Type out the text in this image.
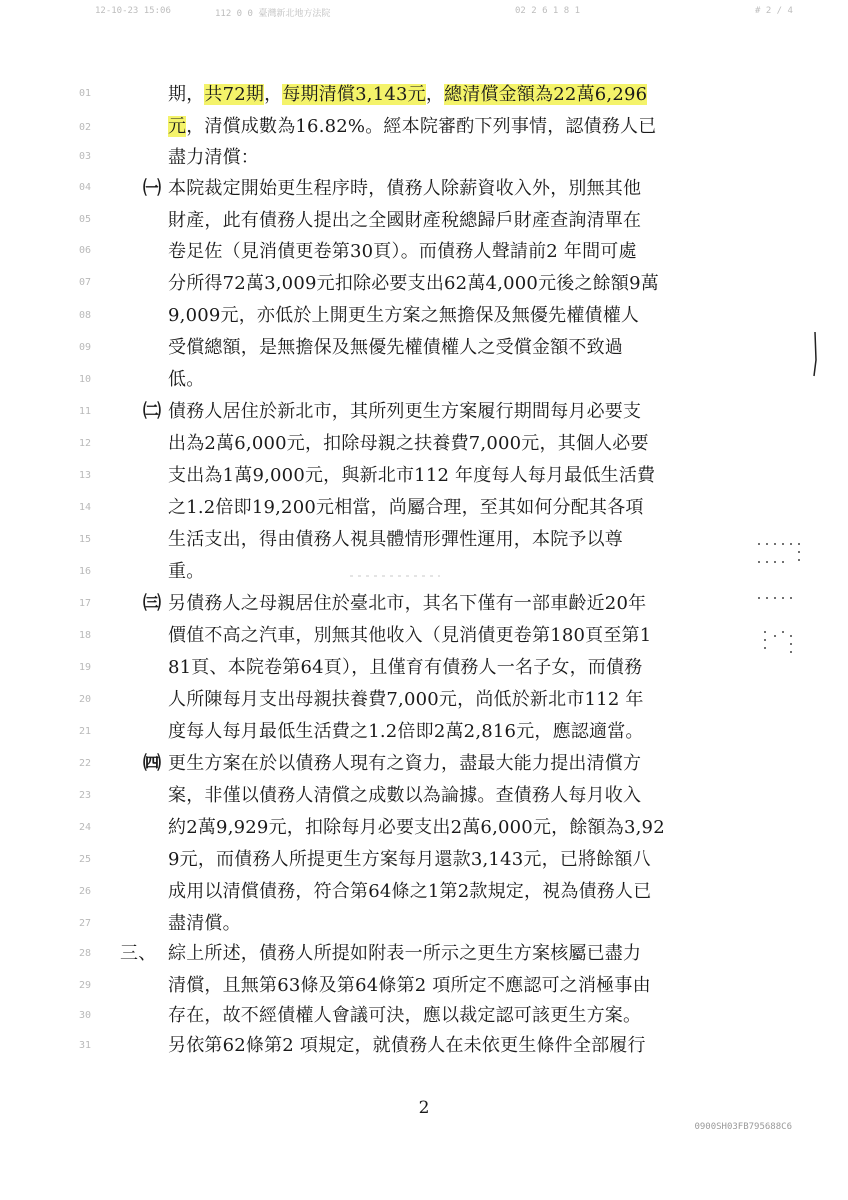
12-10-23 15:06	112 0 0 臺灣新北地方法院	02 2 6 1 8 1	# 2 / 4
01
02
03
04
05
06
07
08
09
10
11
12
13
14
15
16
17
18
19
20
21
22
23
24
25
26
27
28
29
30
31
期，共72期，每期清償3,143元，總清償金額為22萬6,296
元，清償成數為16.82%。經本院審酌下列事情，認債務人已
盡力清償：
㈠ 本院裁定開始更生程序時，債務人除薪資收入外，別無其他
財產，此有債務人提出之全國財產稅總歸戶財產查詢清單在
卷足佐（見消債更卷第30頁）。而債務人聲請前2 年間可處
分所得72萬3,009元扣除必要支出62萬4,000元後之餘額9萬
9,009元，亦低於上開更生方案之無擔保及無優先權債權人
受償總額，是無擔保及無優先權債權人之受償金額不致過
低。
㈡ 債務人居住於新北市，其所列更生方案履行期間每月必要支
出為2萬6,000元，扣除母親之扶養費7,000元，其個人必要
支出為1萬9,000元，與新北市112 年度每人每月最低生活費
之1.2倍即19,200元相當，尚屬合理，至其如何分配其各項
生活支出，得由債務人視具體情形彈性運用，本院予以尊
重。
㈢ 另債務人之母親居住於臺北市，其名下僅有一部車齡近20年
價值不高之汽車，別無其他收入（見消債更卷第180頁至第1
81頁、本院卷第64頁），且僅育有債務人一名子女，而債務
人所陳每月支出母親扶養費7,000元，尚低於新北市112 年
度每人每月最低生活費之1.2倍即2萬2,816元，應認適當。
㈣ 更生方案在於以債務人現有之資力，盡最大能力提出清償方
案，非僅以債務人清償之成數以為論據。查債務人每月收入
約2萬9,929元，扣除每月必要支出2萬6,000元，餘額為3,92
9元，而債務人所提更生方案每月還款3,143元，已將餘額八
成用以清償債務，符合第64條之1第2款規定，視為債務人已
盡清償。
三、 綜上所述，債務人所提如附表一所示之更生方案核屬已盡力
清償，且無第63條及第64條第2 項所定不應認可之消極事由
存在，故不經債權人會議可決，應以裁定認可該更生方案。
另依第62條第2 項規定，就債務人在未依更生條件全部履行
2
0900SH03FB795688C6
